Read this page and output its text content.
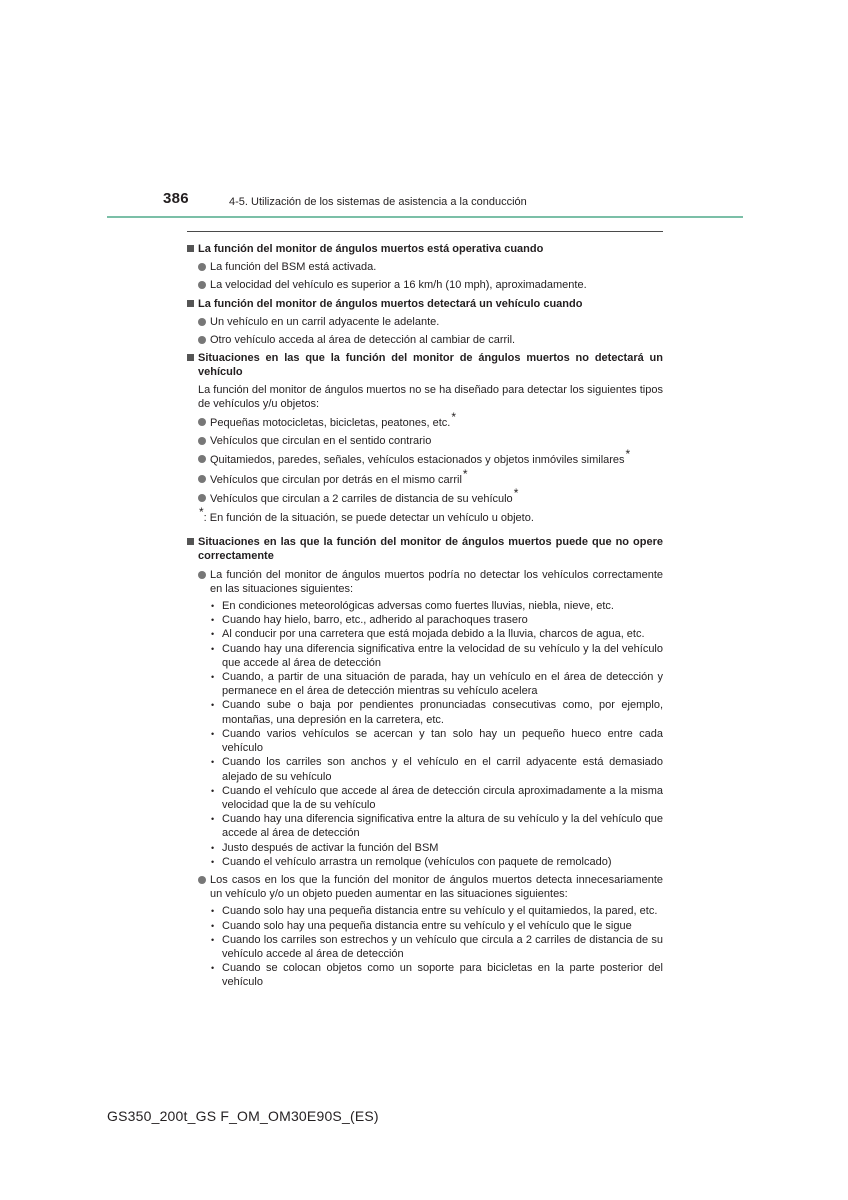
386	4-5. Utilización de los sistemas de asistencia a la conducción
La función del monitor de ángulos muertos está operativa cuando
La función del BSM está activada.
La velocidad del vehículo es superior a 16 km/h (10 mph), aproximadamente.
La función del monitor de ángulos muertos detectará un vehículo cuando
Un vehículo en un carril adyacente le adelante.
Otro vehículo acceda al área de detección al cambiar de carril.
Situaciones en las que la función del monitor de ángulos muertos no detectará un vehículo
La función del monitor de ángulos muertos no se ha diseñado para detectar los siguientes tipos de vehículos y/u objetos:
Pequeñas motocicletas, bicicletas, peatones, etc.*
Vehículos que circulan en el sentido contrario
Quitamiedos, paredes, señales, vehículos estacionados y objetos inmóviles similares*
Vehículos que circulan por detrás en el mismo carril*
Vehículos que circulan a 2 carriles de distancia de su vehículo*
*: En función de la situación, se puede detectar un vehículo u objeto.
Situaciones en las que la función del monitor de ángulos muertos puede que no opere correctamente
La función del monitor de ángulos muertos podría no detectar los vehículos correctamente en las situaciones siguientes:
• En condiciones meteorológicas adversas como fuertes lluvias, niebla, nieve, etc.
• Cuando hay hielo, barro, etc., adherido al parachoques trasero
• Al conducir por una carretera que está mojada debido a la lluvia, charcos de agua, etc.
• Cuando hay una diferencia significativa entre la velocidad de su vehículo y la del vehículo que accede al área de detección
• Cuando, a partir de una situación de parada, hay un vehículo en el área de detección y permanece en el área de detección mientras su vehículo acelera
• Cuando sube o baja por pendientes pronunciadas consecutivas como, por ejemplo, montañas, una depresión en la carretera, etc.
• Cuando varios vehículos se acercan y tan solo hay un pequeño hueco entre cada vehículo
• Cuando los carriles son anchos y el vehículo en el carril adyacente está demasiado alejado de su vehículo
• Cuando el vehículo que accede al área de detección circula aproximadamente a la misma velocidad que la de su vehículo
• Cuando hay una diferencia significativa entre la altura de su vehículo y la del vehículo que accede al área de detección
• Justo después de activar la función del BSM
• Cuando el vehículo arrastra un remolque (vehículos con paquete de remolcado)
Los casos en los que la función del monitor de ángulos muertos detecta innecesariamente un vehículo y/o un objeto pueden aumentar en las situaciones siguientes:
• Cuando solo hay una pequeña distancia entre su vehículo y el quitamiedos, la pared, etc.
• Cuando solo hay una pequeña distancia entre su vehículo y el vehículo que le sigue
• Cuando los carriles son estrechos y un vehículo que circula a 2 carriles de distancia de su vehículo accede al área de detección
• Cuando se colocan objetos como un soporte para bicicletas en la parte posterior del vehículo
GS350_200t_GS F_OM_OM30E90S_(ES)
